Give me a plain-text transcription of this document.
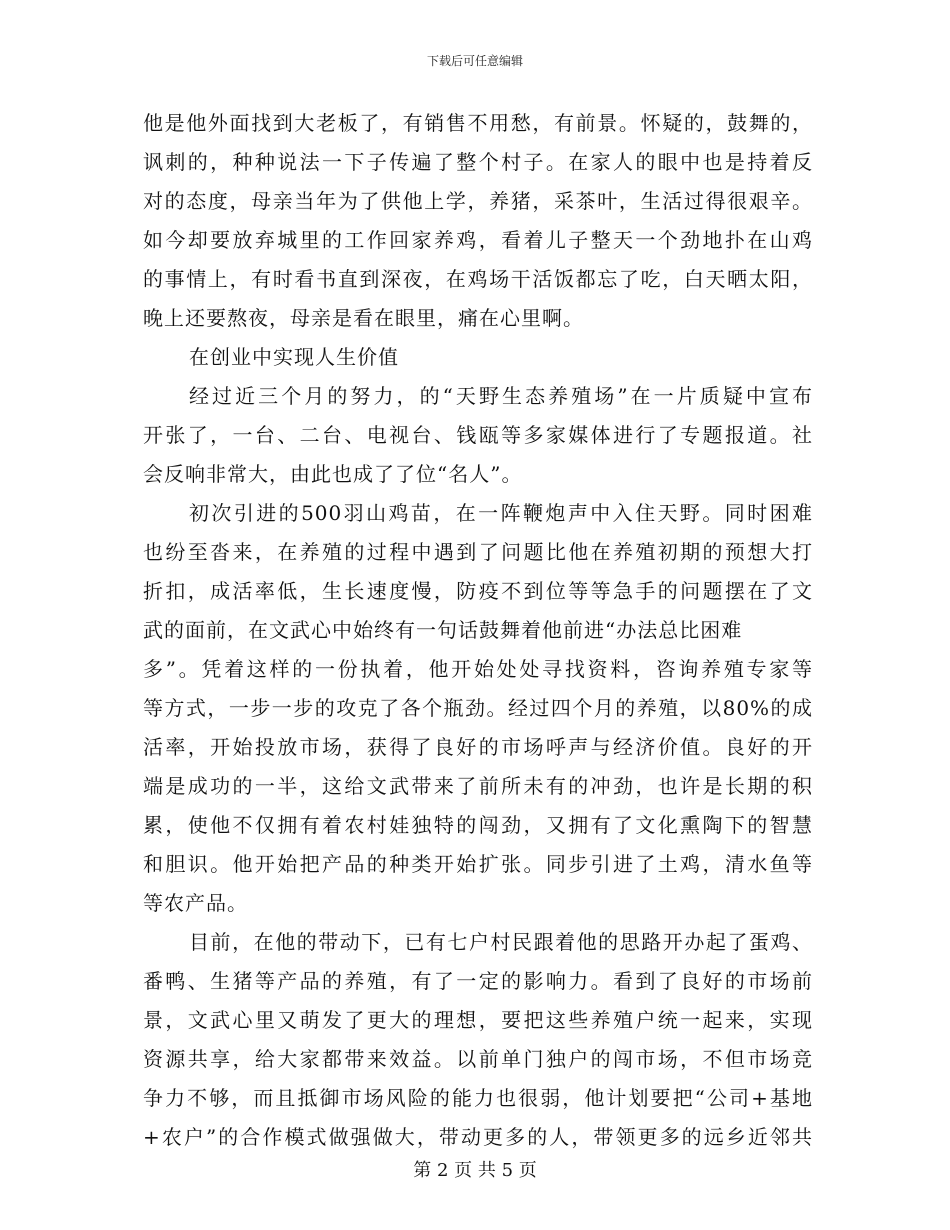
下载后可任意编辑
他是他外面找到大老板了，有销售不用愁，有前景。怀疑的，鼓舞的，
讽刺的，种种说法一下子传遍了整个村子。在家人的眼中也是持着反
对的态度，母亲当年为了供他上学，养猪，采茶叶，生活过得很艰辛。
如今却要放弃城里的工作回家养鸡，看着儿子整天一个劲地扑在山鸡
的事情上，有时看书直到深夜，在鸡场干活饭都忘了吃，白天晒太阳，
晚上还要熬夜，母亲是看在眼里，痛在心里啊。
在创业中实现人生价值
经过近三个月的努力，的“天野生态养殖场”在一片质疑中宣布
开张了，一台、二台、电视台、钱瓯等多家媒体进行了专题报道。社
会反响非常大，由此也成了了位“名人”。
初次引进的500羽山鸡苗，在一阵鞭炮声中入住天野。同时困难
也纷至沓来，在养殖的过程中遇到了问题比他在养殖初期的预想大打
折扣，成活率低，生长速度慢，防疫不到位等等急手的问题摆在了文
武的面前，在文武心中始终有一句话鼓舞着他前进“办法总比困难
多”。凭着这样的一份执着，他开始处处寻找资料，咨询养殖专家等
等方式，一步一步的攻克了各个瓶劲。经过四个月的养殖，以80%的成
活率，开始投放市场，获得了良好的市场呼声与经济价值。良好的开
端是成功的一半，这给文武带来了前所未有的冲劲，也许是长期的积
累，使他不仅拥有着农村娃独特的闯劲，又拥有了文化熏陶下的智慧
和胆识。他开始把产品的种类开始扩张。同步引进了土鸡，清水鱼等
等农产品。
目前，在他的带动下，已有七户村民跟着他的思路开办起了蛋鸡、
番鸭、生猪等产品的养殖，有了一定的影响力。看到了良好的市场前
景，文武心里又萌发了更大的理想，要把这些养殖户统一起来，实现
资源共享，给大家都带来效益。以前单门独户的闯市场，不但市场竞
争力不够，而且抵御市场风险的能力也很弱，他计划要把“公司+基地
+农户”的合作模式做强做大，带动更多的人，带领更多的远乡近邻共
第 2 页 共 5 页
